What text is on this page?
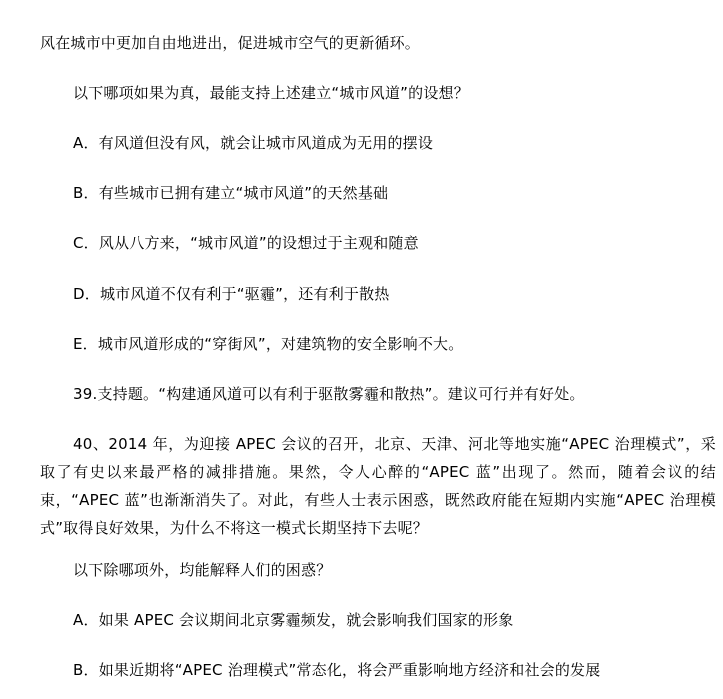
风在城市中更加自由地进出，促进城市空气的更新循环。
以下哪项如果为真，最能支持上述建立“城市风道”的设想？
A．有风道但没有风，就会让城市风道成为无用的摆设
B．有些城市已拥有建立“城市风道”的天然基础
C．风从八方来，“城市风道”的设想过于主观和随意
D．城市风道不仅有利于“驱霾”，还有利于散热
E．城市风道形成的“穿街风”，对建筑物的安全影响不大。
39.支持题。“构建通风道可以有利于驱散雾霾和散热”。建议可行并有好处。
40、2014 年，为迎接 APEC 会议的召开，北京、天津、河北等地实施“APEC 治理模式”，采取了有史以来最严格的减排措施。果然，令人心醉的“APEC 蓝”出现了。然而，随着会议的结束，“APEC 蓝”也渐渐消失了。对此，有些人士表示困惑，既然政府能在短期内实施“APEC 治理模式”取得良好效果，为什么不将这一模式长期坚持下去呢？
以下除哪项外，均能解释人们的困惑？
A．如果 APEC 会议期间北京雾霾频发，就会影响我们国家的形象
B．如果近期将“APEC 治理模式”常态化，将会严重影响地方经济和社会的发展
